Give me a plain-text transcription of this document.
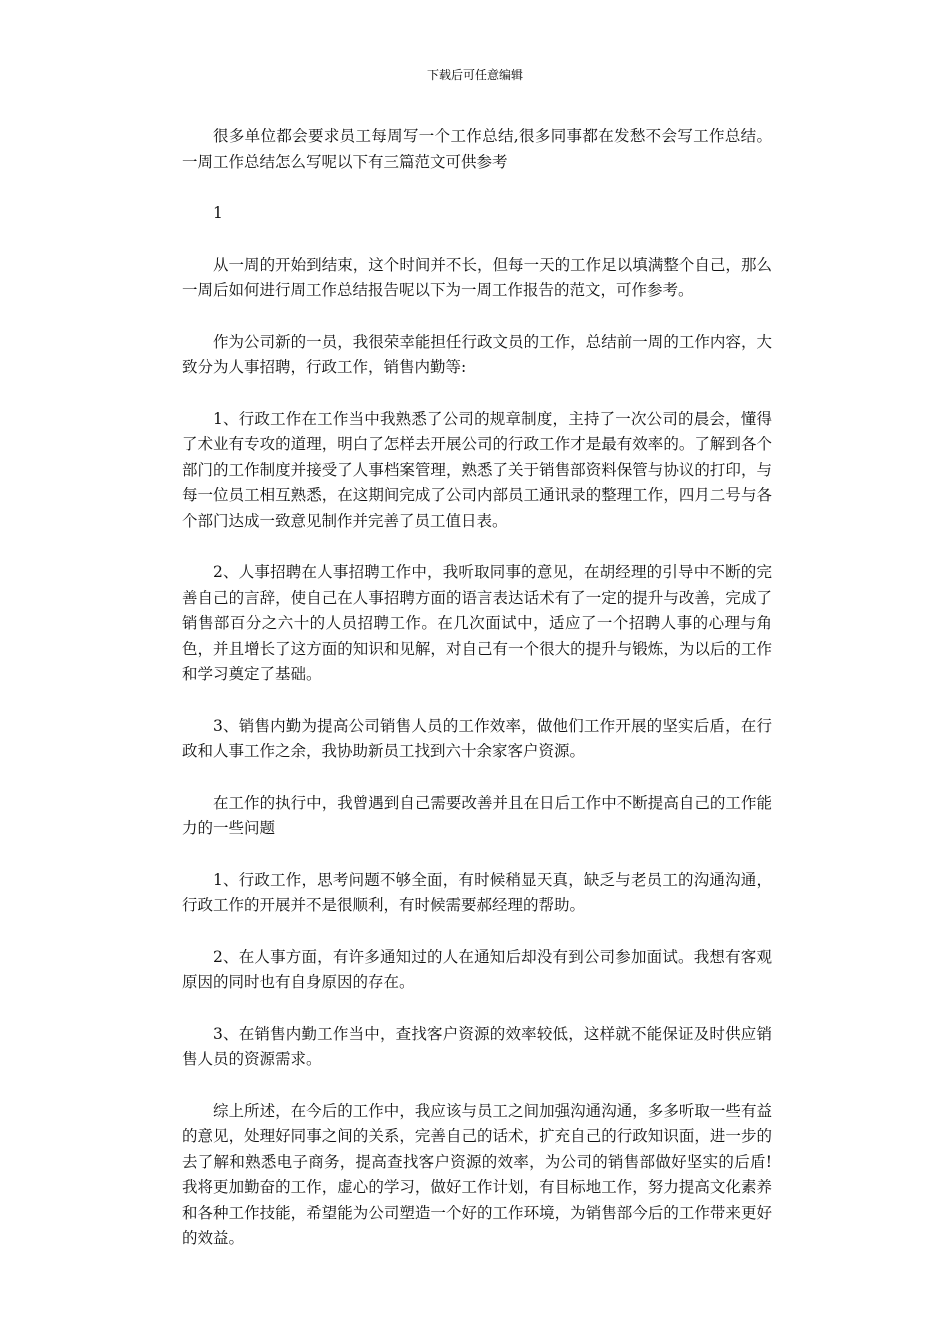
下载后可任意编辑

很多单位都会要求员工每周写一个工作总结,很多同事都在发愁不会写工作总结。一周工作总结怎么写呢以下有三篇范文可供参考

1

从一周的开始到结束，这个时间并不长，但每一天的工作足以填满整个自己，那么一周后如何进行周工作总结报告呢以下为一周工作报告的范文，可作参考。

作为公司新的一员，我很荣幸能担任行政文员的工作，总结前一周的工作内容，大致分为人事招聘，行政工作，销售内勤等:

1、行政工作在工作当中我熟悉了公司的规章制度，主持了一次公司的晨会，懂得了术业有专攻的道理，明白了怎样去开展公司的行政工作才是最有效率的。了解到各个部门的工作制度并接受了人事档案管理，熟悉了关于销售部资料保管与协议的打印，与每一位员工相互熟悉，在这期间完成了公司内部员工通讯录的整理工作，四月二号与各个部门达成一致意见制作并完善了员工值日表。

2、人事招聘在人事招聘工作中，我听取同事的意见，在胡经理的引导中不断的完善自己的言辞，使自己在人事招聘方面的语言表达话术有了一定的提升与改善，完成了销售部百分之六十的人员招聘工作。在几次面试中，适应了一个招聘人事的心理与角色，并且增长了这方面的知识和见解，对自己有一个很大的提升与锻炼，为以后的工作和学习奠定了基础。

3、销售内勤为提高公司销售人员的工作效率，做他们工作开展的坚实后盾，在行政和人事工作之余，我协助新员工找到六十余家客户资源。

在工作的执行中，我曾遇到自己需要改善并且在日后工作中不断提高自己的工作能力的一些问题

1、行政工作，思考问题不够全面，有时候稍显天真，缺乏与老员工的沟通沟通，行政工作的开展并不是很顺利，有时候需要郝经理的帮助。

2、在人事方面，有许多通知过的人在通知后却没有到公司参加面试。我想有客观原因的同时也有自身原因的存在。

3、在销售内勤工作当中，查找客户资源的效率较低，这样就不能保证及时供应销售人员的资源需求。

综上所述，在今后的工作中，我应该与员工之间加强沟通沟通，多多听取一些有益的意见，处理好同事之间的关系，完善自己的话术，扩充自己的行政知识面，进一步的去了解和熟悉电子商务，提高查找客户资源的效率，为公司的销售部做好坚实的后盾!我将更加勤奋的工作，虚心的学习，做好工作计划，有目标地工作，努力提高文化素养和各种工作技能，希望能为公司塑造一个好的工作环境，为销售部今后的工作带来更好的效益。
